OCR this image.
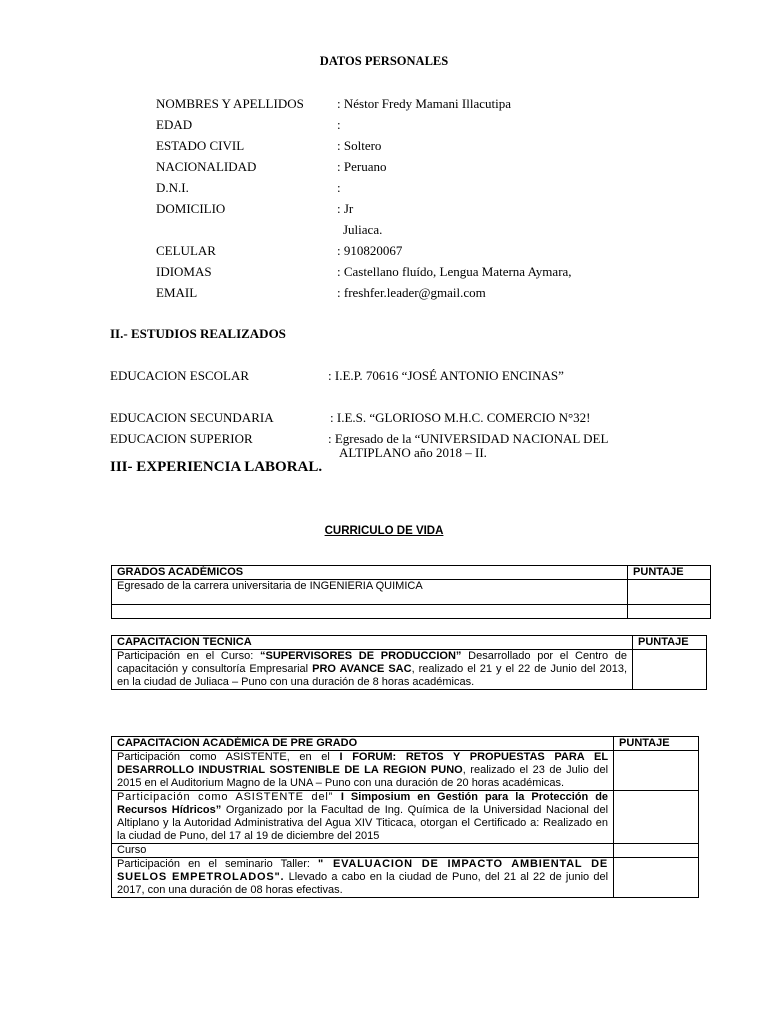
DATOS PERSONALES
NOMBRES Y APELLIDOS	: Néstor Fredy Mamani Illacutipa
EDAD	:
ESTADO CIVIL	: Soltero
NACIONALIDAD	: Peruano
D.N.I.	:
DOMICILIO	: Jr
Juliaca.
CELULAR	: 910820067
IDIOMAS	: Castellano fluído, Lengua Materna Aymara,
EMAIL	: freshfer.leader@gmail.com
II.- ESTUDIOS REALIZADOS
EDUCACION ESCOLAR	: I.E.P. 70616 “JOSÉ ANTONIO ENCINAS”
EDUCACION SECUNDARIA	: I.E.S. “GLORIOSO M.H.C. COMERCIO N°32!
EDUCACION SUPERIOR	: Egresado de la “UNIVERSIDAD NACIONAL DEL
ALTIPLANO año 2018 – II.
III- EXPERIENCIA LABORAL.
CURRICULO DE VIDA
GRADOS ACADÉMICOS	PUNTAJE
Egresado de la carrera universitaria de INGENIERIA QUIMICA	

CAPACITACION TECNICA	PUNTAJE
Participación en el Curso: “SUPERVISORES DE PRODUCCION” Desarrollado por el Centro de capacitación y consultoría Empresarial PRO AVANCE SAC, realizado el 21 y el 22 de Junio del 2013, en la ciudad de Juliaca – Puno con una duración de 8 horas académicas.	
CAPACITACION ACADÉMICA DE PRE GRADO	PUNTAJE
Participación como ASISTENTE, en el I FORUM: RETOS Y PROPUESTAS PARA EL DESARROLLO INDUSTRIAL SOSTENIBLE DE LA REGION PUNO, realizado el 23 de Julio del 2015 en el Auditorium Magno de la UNA – Puno con una duración de 20 horas académicas.	
Participación como ASISTENTE del” I Simposium en Gestión para la Protección de Recursos Hídricos” Organizado por la Facultad de Ing. Química de la Universidad Nacional del Altiplano y la Autoridad Administrativa del Agua XIV Titicaca, otorgan el Certificado a: Realizado en la ciudad de Puno, del 17 al 19 de diciembre del 2015	
Curso	
Participación en el seminario Taller: " EVALUACION DE IMPACTO AMBIENTAL DE SUELOS EMPETROLADOS". Llevado a cabo en la ciudad de Puno, del 21 al 22 de junio del 2017, con una duración de 08 horas efectivas.	
